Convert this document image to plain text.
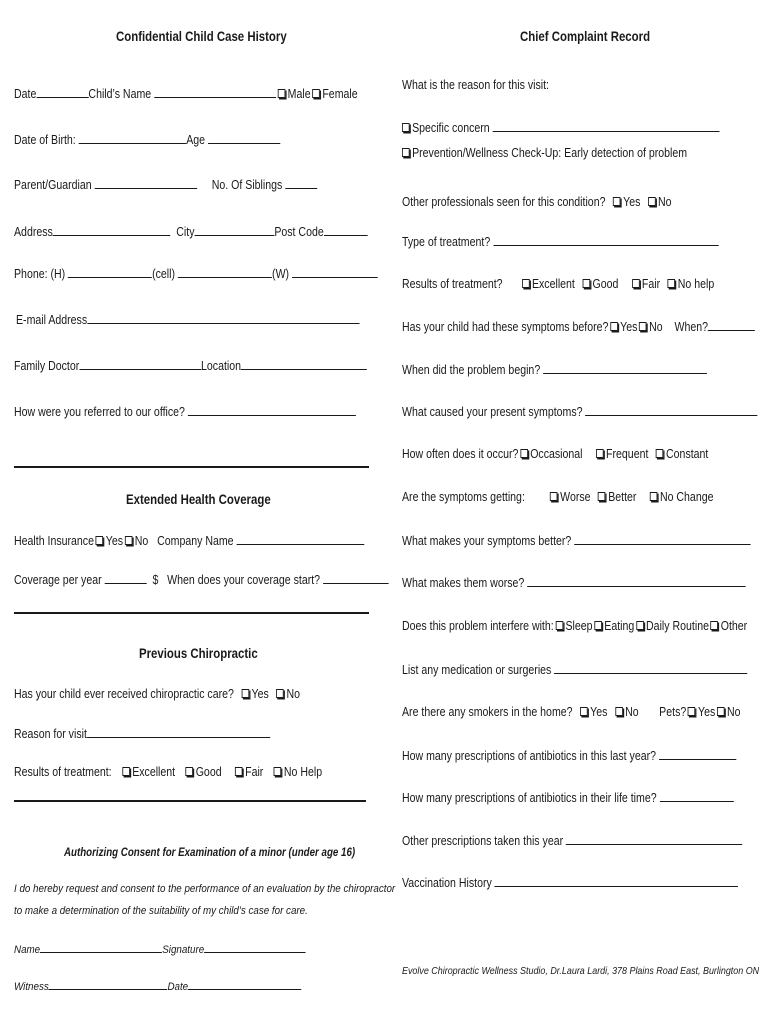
Confidential Child Case History
Date	Child’s Name	Male Female
Date of Birth:	Age
Parent/Guardian	No. Of Siblings
Address	City	Post Code
Phone: (H)	(cell)	(W)
E-mail Address
Family Doctor	Location
How were you referred to our office?
Extended Health Coverage
Health Insurance Yes No Company Name
Coverage per year	$ When does your coverage start?
Previous Chiropractic
Has your child ever received chiropractic care? Yes No
Reason for visit
Results of treatment: Excellent Good Fair No Help
Authorizing Consent for Examination of a minor (under age 16)
I do hereby request and consent to the performance of an evaluation by the chiropractor
to make a determination of the suitability of my child’s case for care.
Name	Signature
Witness	Date
Chief Complaint Record
What is the reason for this visit:
Specific concern
Prevention/Wellness Check-Up: Early detection of problem
Other professionals seen for this condition? Yes No
Type of treatment?
Results of treatment? Excellent Good Fair No help
Has your child had these symptoms before? Yes No When?
When did the problem begin?
What caused your present symptoms?
How often does it occur? Occasional Frequent Constant
Are the symptoms getting:	Worse Better No Change
What makes your symptoms better?
What makes them worse?
Does this problem interfere with: Sleep Eating Daily Routine Other
List any medication or surgeries
Are there any smokers in the home? Yes No Pets? Yes No
How many prescriptions of antibiotics in this last year?
How many prescriptions of antibiotics in their life time?
Other prescriptions taken this year
Vaccination History
Evolve Chiropractic Wellness Studio, Dr.Laura Lardi, 378 Plains Road East, Burlington ON
